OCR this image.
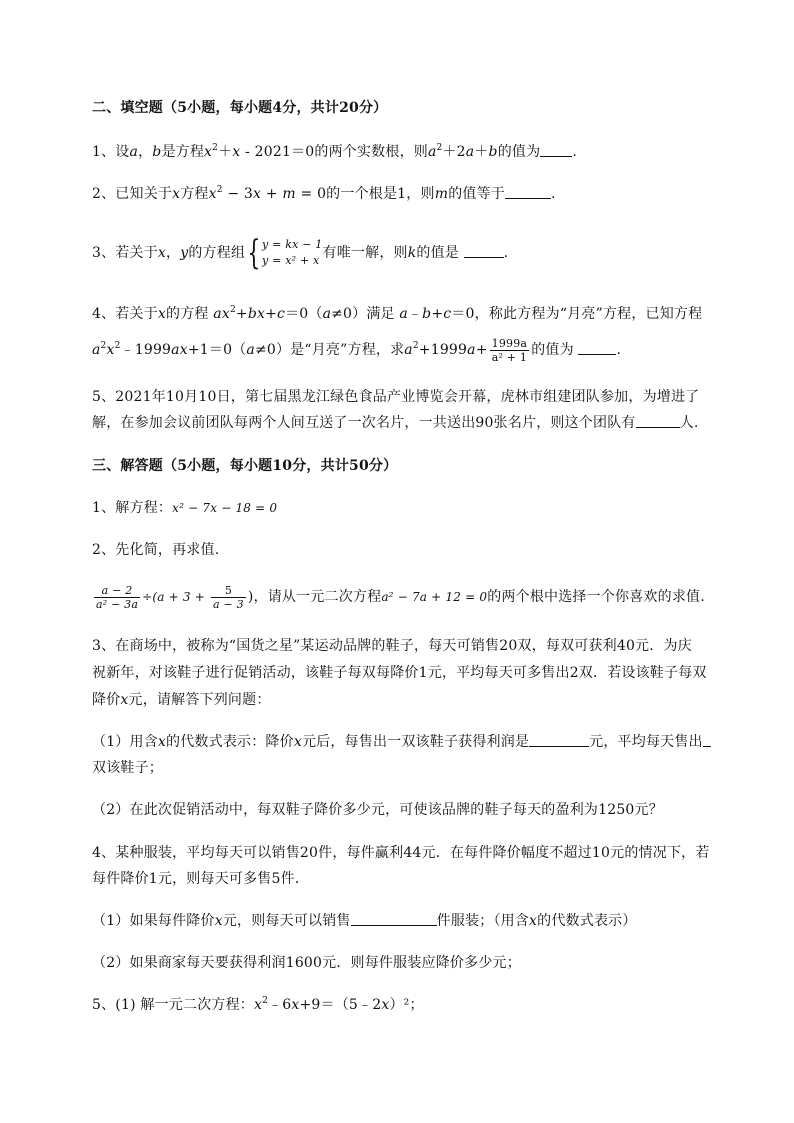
二、填空题（5小题，每小题4分，共计20分）
1、设a，b是方程$x^2+x - 2021=0$的两个实数根，则$a^2+2a+b$的值为 .
2、已知关于x方程$x^2 - 3x + m = 0$的一个根是1，则m的值等于	.
3、若关于x，y的方程组{ y = kx − 1
y = x² + x 有唯一解，则k的值是	.
4、若关于x的方程 $ax^2+bx+c=0(a\ne 0)$满足 a﹣b+c＝0，称此方程为“月亮”方程，已知方程
$a^2x^2﹣1999ax+1=0(a\ne 0)$是“月亮”方程，求$a^2+1999a+ \frac{1999a}{\text{a² + 1}}$ 的值为	.
5、2021年10月10日，第七届黑龙江绿色食品产业博览会开幕，虎林市组建团队参加，为增进了
解，在参加会议前团队每两个人间互送了一次名片，一共送出90张名片，则这个团队有	人.
三、解答题（5小题，每小题10分，共计50分）
1、解方程：x² − 7x − 18 = 0
2、先化简，再求值.
$\frac{a - 2}{\text{a² − 3a}} \div(a + 3 + \frac{5}{a - 3}$ )，请从一元二次方程a² − 7a + 12 = 0的两个根中选择一个你喜欢的求值.
3、在商场中，被称为“国货之星”某运动品牌的鞋子，每天可销售20双，每双可获利40元．为庆
祝新年，对该鞋子进行促销活动，该鞋子每双每降价1元，平均每天可多售出2双．若设该鞋子每双
降价x元，请解答下列问题：
（1）用含x的代数式表示：降价x元后，每售出一双该鞋子获得利润是	元，平均每天售出
双该鞋子；
（2）在此次促销活动中，每双鞋子降价多少元，可使该品牌的鞋子每天的盈利为1250元？
4、某种服装，平均每天可以销售20件，每件赢利44元．在每件降价幅度不超过10元的情况下，若
每件降价1元，则每天可多售5件．
（1）如果每件降价x元，则每天可以销售	件服装；（用含x的代数式表示）
（2）如果商家每天要获得利润1600元．则每件服装应降价多少元；
5、(1) 解一元二次方程：$x^2﹣6x+9=(5﹣2x)^2$；
